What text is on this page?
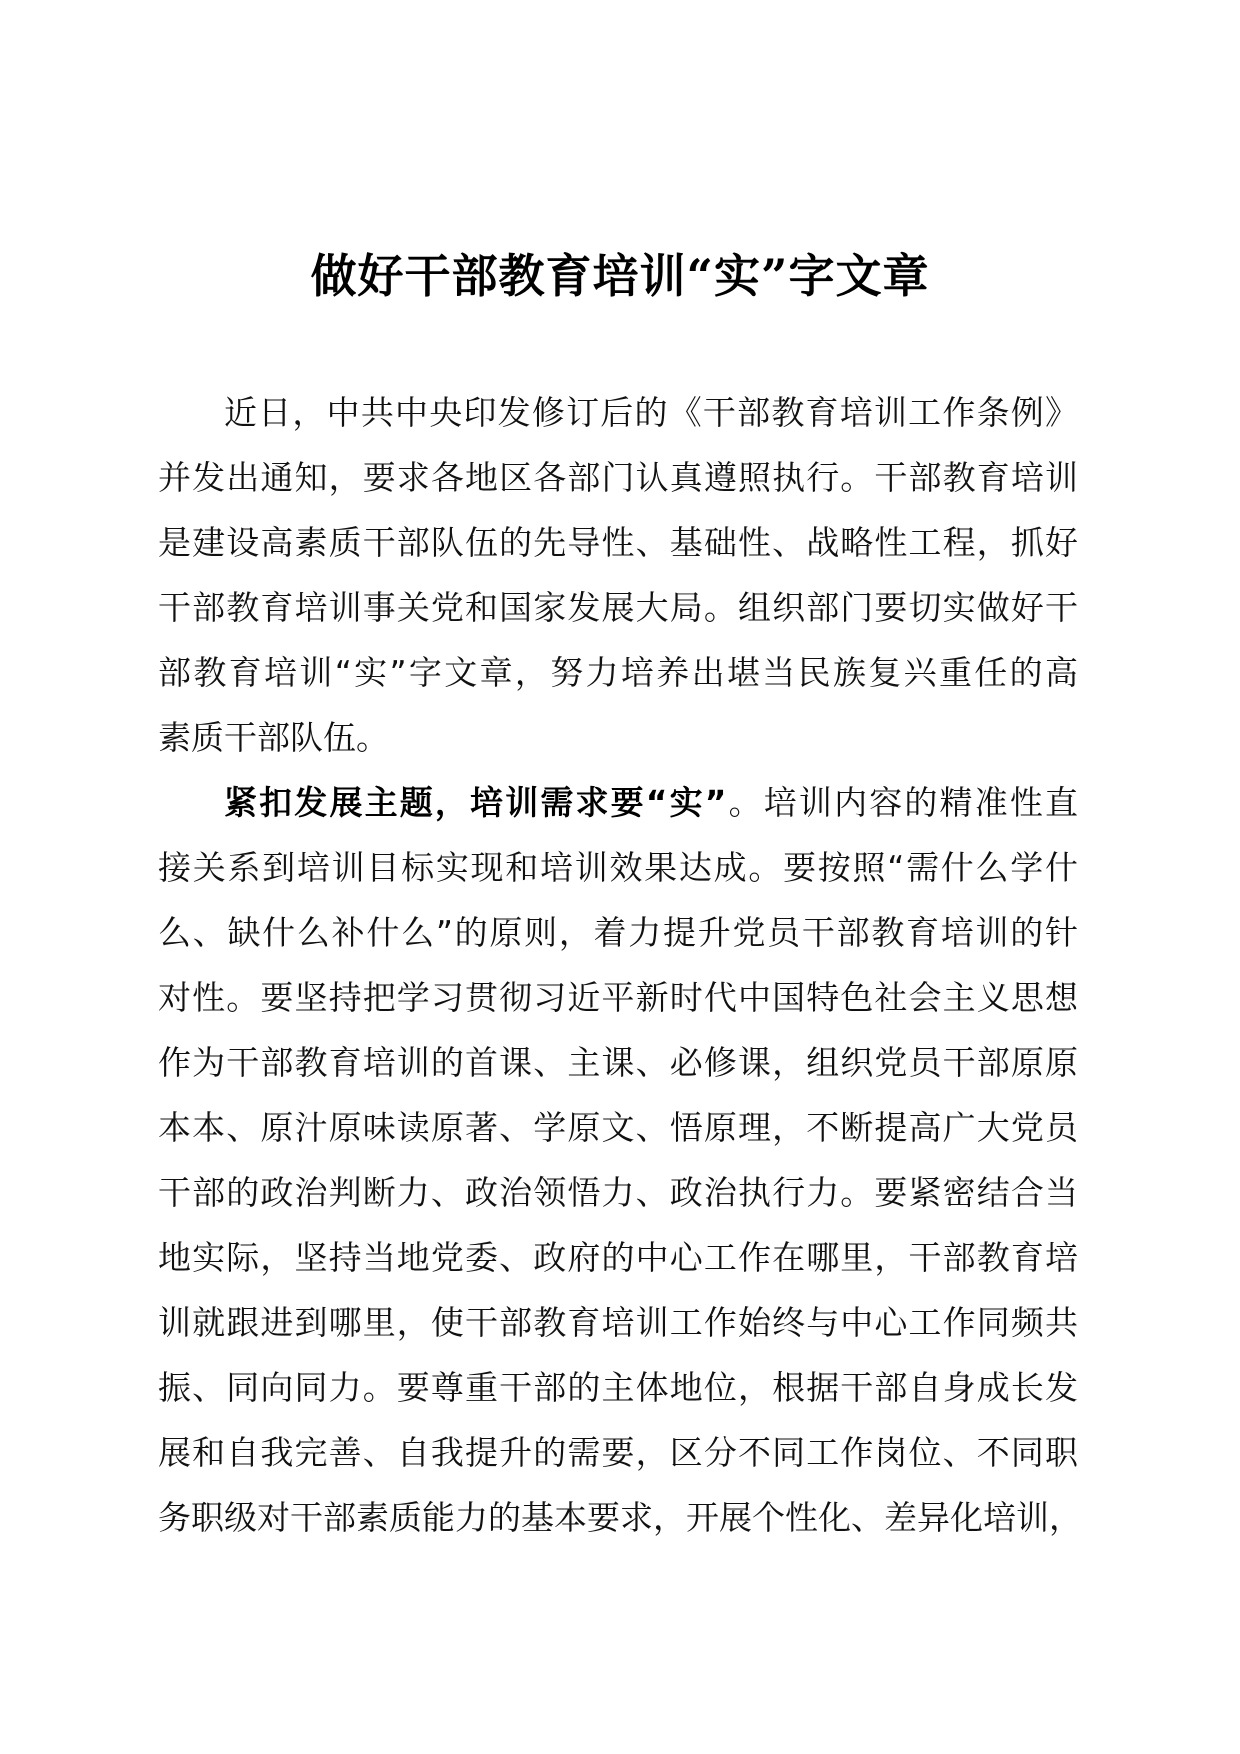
做好干部教育培训“实”字文章
近日，中共中央印发修订后的《干部教育培训工作条例》
并发出通知，要求各地区各部门认真遵照执行。干部教育培训
是建设高素质干部队伍的先导性、基础性、战略性工程，抓好
干部教育培训事关党和国家发展大局。组织部门要切实做好干
部教育培训“实”字文章，努力培养出堪当民族复兴重任的高
素质干部队伍。
紧扣发展主题，培训需求要“实”。培训内容的精准性直
接关系到培训目标实现和培训效果达成。要按照“需什么学什
么、缺什么补什么”的原则，着力提升党员干部教育培训的针
对性。要坚持把学习贯彻习近平新时代中国特色社会主义思想
作为干部教育培训的首课、主课、必修课，组织党员干部原原
本本、原汁原味读原著、学原文、悟原理，不断提高广大党员
干部的政治判断力、政治领悟力、政治执行力。要紧密结合当
地实际，坚持当地党委、政府的中心工作在哪里，干部教育培
训就跟进到哪里，使干部教育培训工作始终与中心工作同频共
振、同向同力。要尊重干部的主体地位，根据干部自身成长发
展和自我完善、自我提升的需要，区分不同工作岗位、不同职
务职级对干部素质能力的基本要求，开展个性化、差异化培训，
